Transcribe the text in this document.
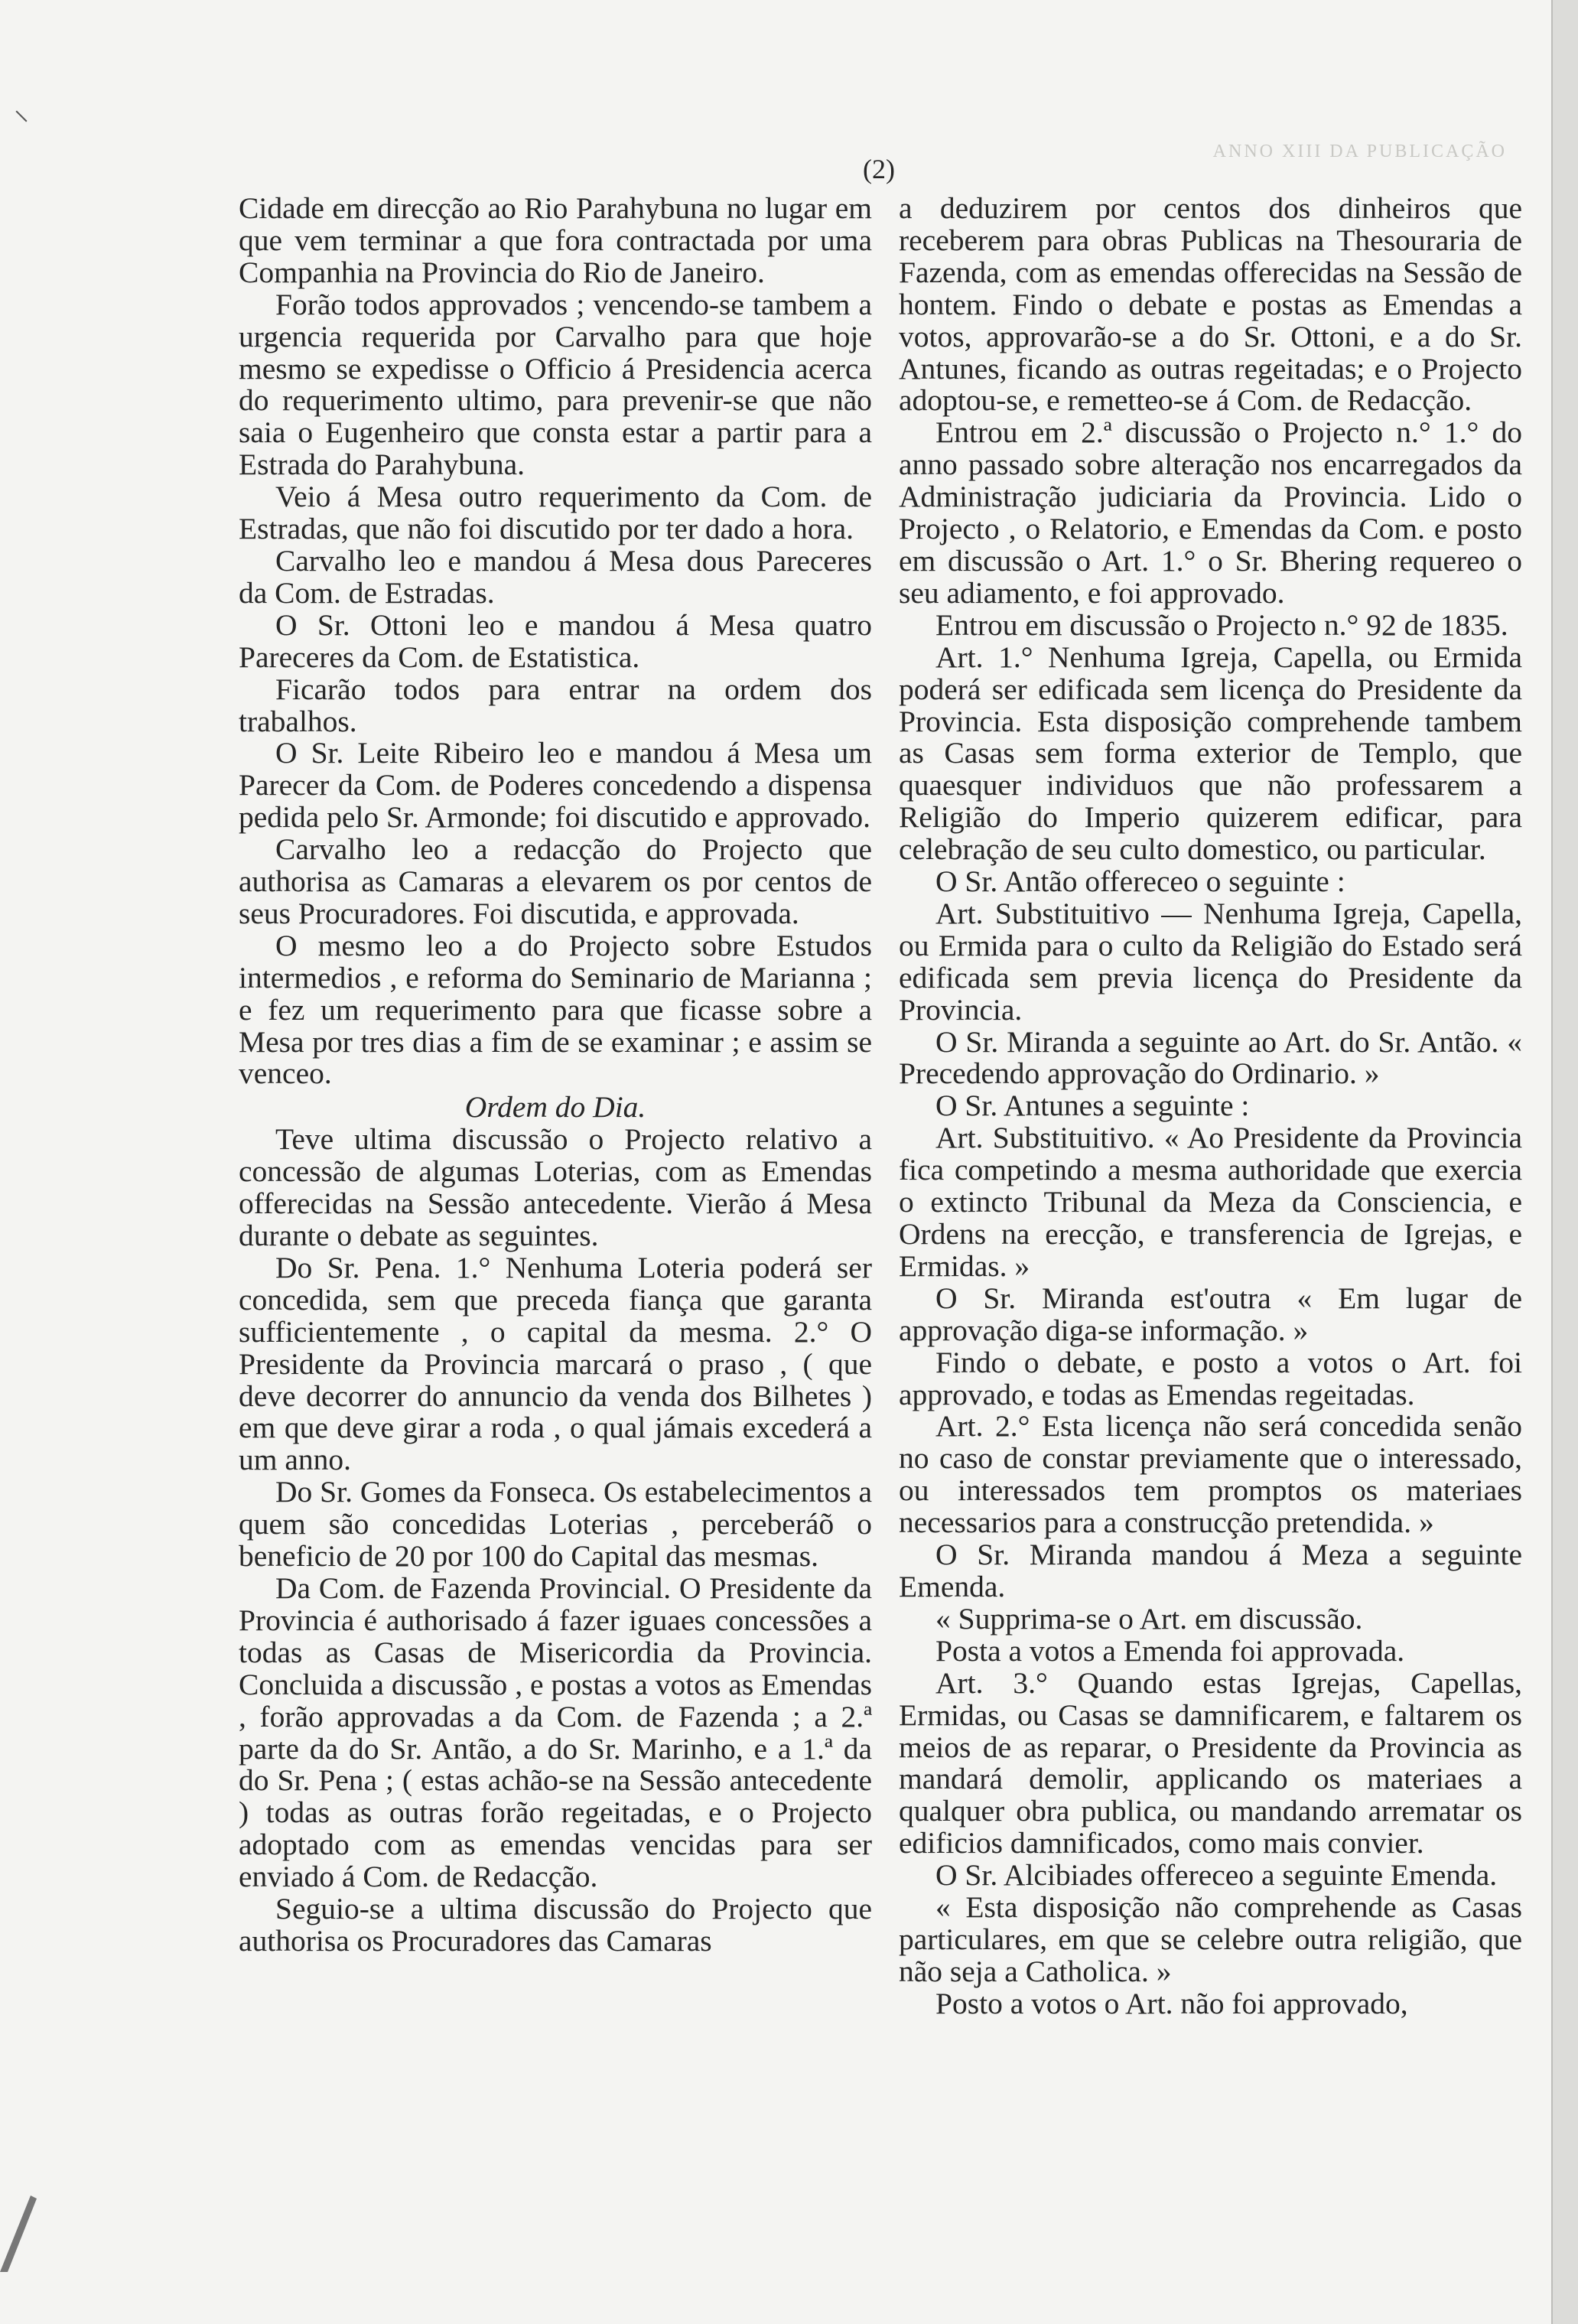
ANNO XIII DA PUBLICAÇÃO
⸌
(2)

Cidade em direcção ao Rio Parahybuna no lugar em que vem terminar a que fora contractada por uma Companhia na Provincia do Rio de Janeiro.

Forão todos approvados ; vencendo-se tambem a urgencia requerida por Carvalho para que hoje mesmo se expedisse o Officio á Presidencia acerca do requerimento ultimo, para prevenir-se que não saia o Eugenheiro que consta estar a partir para a Estrada do Parahybuna.

Veio á Mesa outro requerimento da Com. de Estradas, que não foi discutido por ter dado a hora.

Carvalho leo e mandou á Mesa dous Pareceres da Com. de Estradas.

O Sr. Ottoni leo e mandou á Mesa quatro Pareceres da Com. de Estatistica.

Ficarão todos para entrar na ordem dos trabalhos.

O Sr. Leite Ribeiro leo e mandou á Mesa um Parecer da Com. de Poderes concedendo a dispensa pedida pelo Sr. Armonde; foi discutido e approvado.

Carvalho leo a redacção do Projecto que authorisa as Camaras a elevarem os por centos de seus Procuradores. Foi discutida, e approvada.

O mesmo leo a do Projecto sobre Estudos intermedios , e reforma do Seminario de Marianna ; e fez um requerimento para que ficasse sobre a Mesa por tres dias a fim de se examinar ; e assim se venceo.

Ordem do Dia.

Teve ultima discussão o Projecto relativo a concessão de algumas Loterias, com as Emendas offerecidas na Sessão antecedente. Vierão á Mesa durante o debate as seguintes.

Do Sr. Pena. 1.° Nenhuma Loteria poderá ser concedida, sem que preceda fiança que garanta sufficientemente , o capital da mesma. 2.° O Presidente da Provincia marcará o praso , ( que deve decorrer do annuncio da venda dos Bilhetes ) em que deve girar a roda , o qual jámais excederá a um anno.

Do Sr. Gomes da Fonseca. Os estabelecimentos a quem são concedidas Loterias , perceberáõ o beneficio de 20 por 100 do Capital das mesmas.

Da Com. de Fazenda Provincial. O Presidente da Provincia é authorisado á fazer iguaes concessões a todas as Casas de Misericordia da Provincia. Concluida a discussão , e postas a votos as Emendas , forão approvadas a da Com. de Fazenda ; a 2.ª parte da do Sr. Antão, a do Sr. Marinho, e a 1.ª da do Sr. Pena ; ( estas achão-se na Sessão antecedente ) todas as outras forão regeitadas, e o Projecto adoptado com as emendas vencidas para ser enviado á Com. de Redacção.

Seguio-se a ultima discussão do Projecto que authorisa os Procuradores das Camaras

a deduzirem por centos dos dinheiros que receberem para obras Publicas na Thesouraria de Fazenda, com as emendas offerecidas na Sessão de hontem. Findo o debate e postas as Emendas a votos, approvarão-se a do Sr. Ottoni, e a do Sr. Antunes, ficando as outras regeitadas; e o Projecto adoptou-se, e remetteo-se á Com. de Redacção.

Entrou em 2.ª discussão o Projecto n.° 1.° do anno passado sobre alteração nos encarregados da Administração judiciaria da Provincia. Lido o Projecto , o Relatorio, e Emendas da Com. e posto em discussão o Art. 1.° o Sr. Bhering requereo o seu adiamento, e foi approvado.

Entrou em discussão o Projecto n.° 92 de 1835.

Art. 1.° Nenhuma Igreja, Capella, ou Ermida poderá ser edificada sem licença do Presidente da Provincia. Esta disposição comprehende tambem as Casas sem forma exterior de Templo, que quaesquer individuos que não professarem a Religião do Imperio quizerem edificar, para celebração de seu culto domestico, ou particular.

O Sr. Antão offereceo o seguinte :

Art. Substituitivo — Nenhuma Igreja, Capella, ou Ermida para o culto da Religião do Estado será edificada sem previa licença do Presidente da Provincia.

O Sr. Miranda a seguinte ao Art. do Sr. Antão. « Precedendo approvação do Ordinario. »

O Sr. Antunes a seguinte :

Art. Substituitivo. « Ao Presidente da Provincia fica competindo a mesma authoridade que exercia o extincto Tribunal da Meza da Consciencia, e Ordens na erecção, e transferencia de Igrejas, e Ermidas. »

O Sr. Miranda est'outra « Em lugar de approvação diga-se informação. »

Findo o debate, e posto a votos o Art. foi approvado, e todas as Emendas regeitadas.

Art. 2.° Esta licença não será concedida senão no caso de constar previamente que o interessado, ou interessados tem promptos os materiaes necessarios para a construcção pretendida. »

O Sr. Miranda mandou á Meza a seguinte Emenda.

« Supprima-se o Art. em discussão.

Posta a votos a Emenda foi approvada.

Art. 3.° Quando estas Igrejas, Capellas, Ermidas, ou Casas se damnificarem, e faltarem os meios de as reparar, o Presidente da Provincia as mandará demolir, applicando os materiaes a qualquer obra publica, ou mandando arrematar os edificios damnificados, como mais convier.

O Sr. Alcibiades offereceo a seguinte Emenda.

« Esta disposição não comprehende as Casas particulares, em que se celebre outra religião, que não seja a Catholica. »

Posto a votos o Art. não foi approvado,
